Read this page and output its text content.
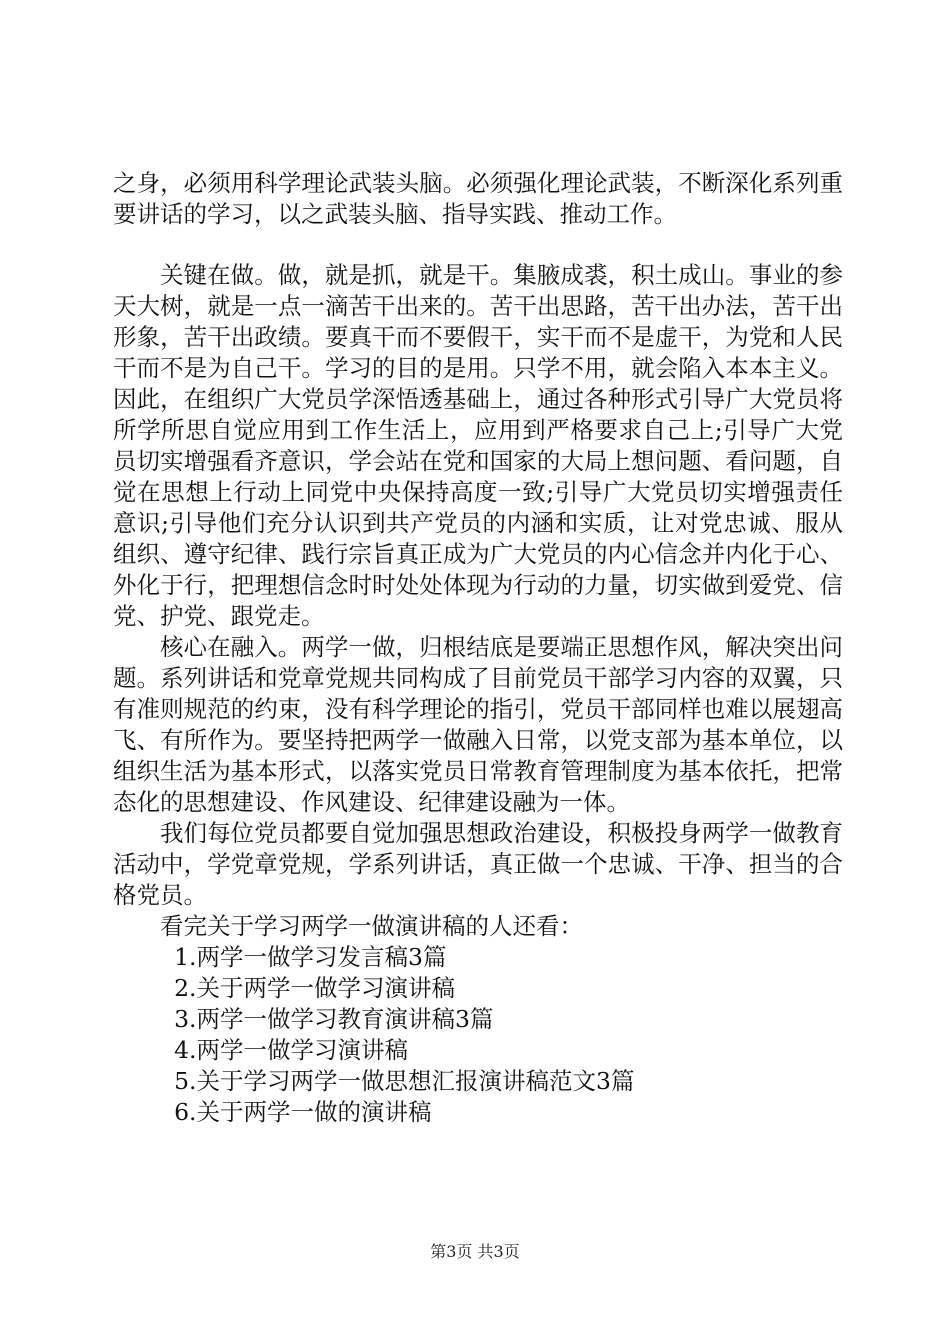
之身，必须用科学理论武装头脑。必须强化理论武装，不断深化系列重要讲话的学习，以之武装头脑、指导实践、推动工作。

关键在做。做，就是抓，就是干。集腋成裘，积土成山。事业的参天大树，就是一点一滴苦干出来的。苦干出思路，苦干出办法，苦干出形象，苦干出政绩。要真干而不要假干，实干而不是虚干，为党和人民干而不是为自己干。学习的目的是用。只学不用，就会陷入本本主义。因此，在组织广大党员学深悟透基础上，通过各种形式引导广大党员将所学所思自觉应用到工作生活上，应用到严格要求自己上;引导广大党员切实增强看齐意识，学会站在党和国家的大局上想问题、看问题，自觉在思想上行动上同党中央保持高度一致;引导广大党员切实增强责任意识;引导他们充分认识到共产党员的内涵和实质，让对党忠诚、服从组织、遵守纪律、践行宗旨真正成为广大党员的内心信念并内化于心、外化于行，把理想信念时时处处体现为行动的力量，切实做到爱党、信党、护党、跟党走。

核心在融入。两学一做，归根结底是要端正思想作风，解决突出问题。系列讲话和党章党规共同构成了目前党员干部学习内容的双翼，只有准则规范的约束，没有科学理论的指引，党员干部同样也难以展翅高飞、有所作为。要坚持把两学一做融入日常，以党支部为基本单位，以组织生活为基本形式，以落实党员日常教育管理制度为基本依托，把常态化的思想建设、作风建设、纪律建设融为一体。

我们每位党员都要自觉加强思想政治建设，积极投身两学一做教育活动中，学党章党规，学系列讲话，真正做一个忠诚、干净、担当的合格党员。

看完关于学习两学一做演讲稿的人还看：

1.两学一做学习发言稿3篇

2.关于两学一做学习演讲稿

3.两学一做学习教育演讲稿3篇

4.两学一做学习演讲稿

5.关于学习两学一做思想汇报演讲稿范文3篇

6.关于两学一做的演讲稿

第3页 共3页
